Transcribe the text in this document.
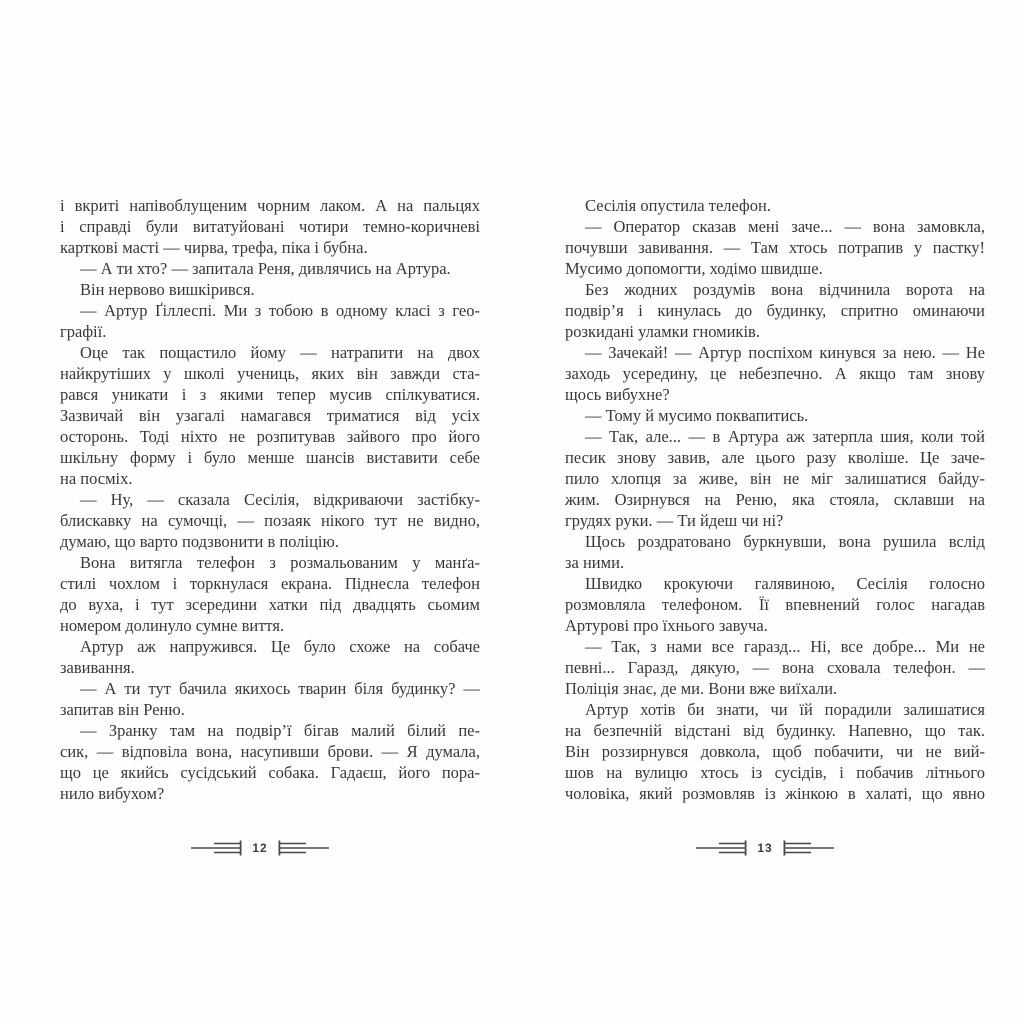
і вкриті напівоблущеним чорним лаком. А на пальцях
і справді були витатуйовані чотири темно-коричневі
карткові масті — чирва, трефа, піка і бубна.
— А ти хто? — запитала Реня, дивлячись на Артура.
Він нервово вишкірився.
— Артур Ґіллеспі. Ми з тобою в одному класі з гео-
графії.
Оце так пощастило йому — натрапити на двох
найкрутіших у школі учениць, яких він завжди ста-
рався уникати і з якими тепер мусив спілкуватися.
Зазвичай він узагалі намагався триматися від усіх
осторонь. Тоді ніхто не розпитував зайвого про його
шкільну форму і було менше шансів виставити себе
на посміх.
— Ну, — сказала Сесілія, відкриваючи застібку-
блискавку на сумочці, — позаяк нікого тут не видно,
думаю, що варто подзвонити в поліцію.
Вона витягла телефон з розмальованим у манґа-
стилі чохлом і торкнулася екрана. Піднесла телефон
до вуха, і тут зсередини хатки під двадцять сьомим
номером долинуло сумне виття.
Артур аж напружився. Це було схоже на собаче
завивання.
— А ти тут бачила якихось тварин біля будинку? —
запитав він Реню.
— Зранку там на подвір’ї бігав малий білий пе-
сик, — відповіла вона, насупивши брови. — Я думала,
що це якийсь сусідський собака. Гадаєш, його пора-
нило вибухом?
12
Сесілія опустила телефон.
— Оператор сказав мені заче... — вона замовкла,
почувши завивання. — Там хтось потрапив у пастку!
Мусимо допомогти, ходімо швидше.
Без жодних роздумів вона відчинила ворота на
подвір’я і кинулась до будинку, спритно оминаючи
розкидані уламки гномиків.
— Зачекай! — Артур поспіхом кинувся за нею. — Не
заходь усередину, це небезпечно. А якщо там знову
щось вибухне?
— Тому й мусимо поквапитись.
— Так, але... — в Артура аж затерпла шия, коли той
песик знову завив, але цього разу кволіше. Це заче-
пило хлопця за живе, він не міг залишатися байду-
жим. Озирнувся на Реню, яка стояла, склавши на
грудях руки. — Ти йдеш чи ні?
Щось роздратовано буркнувши, вона рушила вслід
за ними.
Швидко крокуючи галявиною, Сесілія голосно
розмовляла телефоном. Її впевнений голос нагадав
Артурові про їхнього завуча.
— Так, з нами все гаразд... Ні, все добре... Ми не
певні... Гаразд, дякую, — вона сховала телефон. —
Поліція знає, де ми. Вони вже виїхали.
Артур хотів би знати, чи їй порадили залишатися
на безпечній відстані від будинку. Напевно, що так.
Він роззирнувся довкола, щоб побачити, чи не вий-
шов на вулицю хтось із сусідів, і побачив літнього
чоловіка, який розмовляв із жінкою в халаті, що явно
13
